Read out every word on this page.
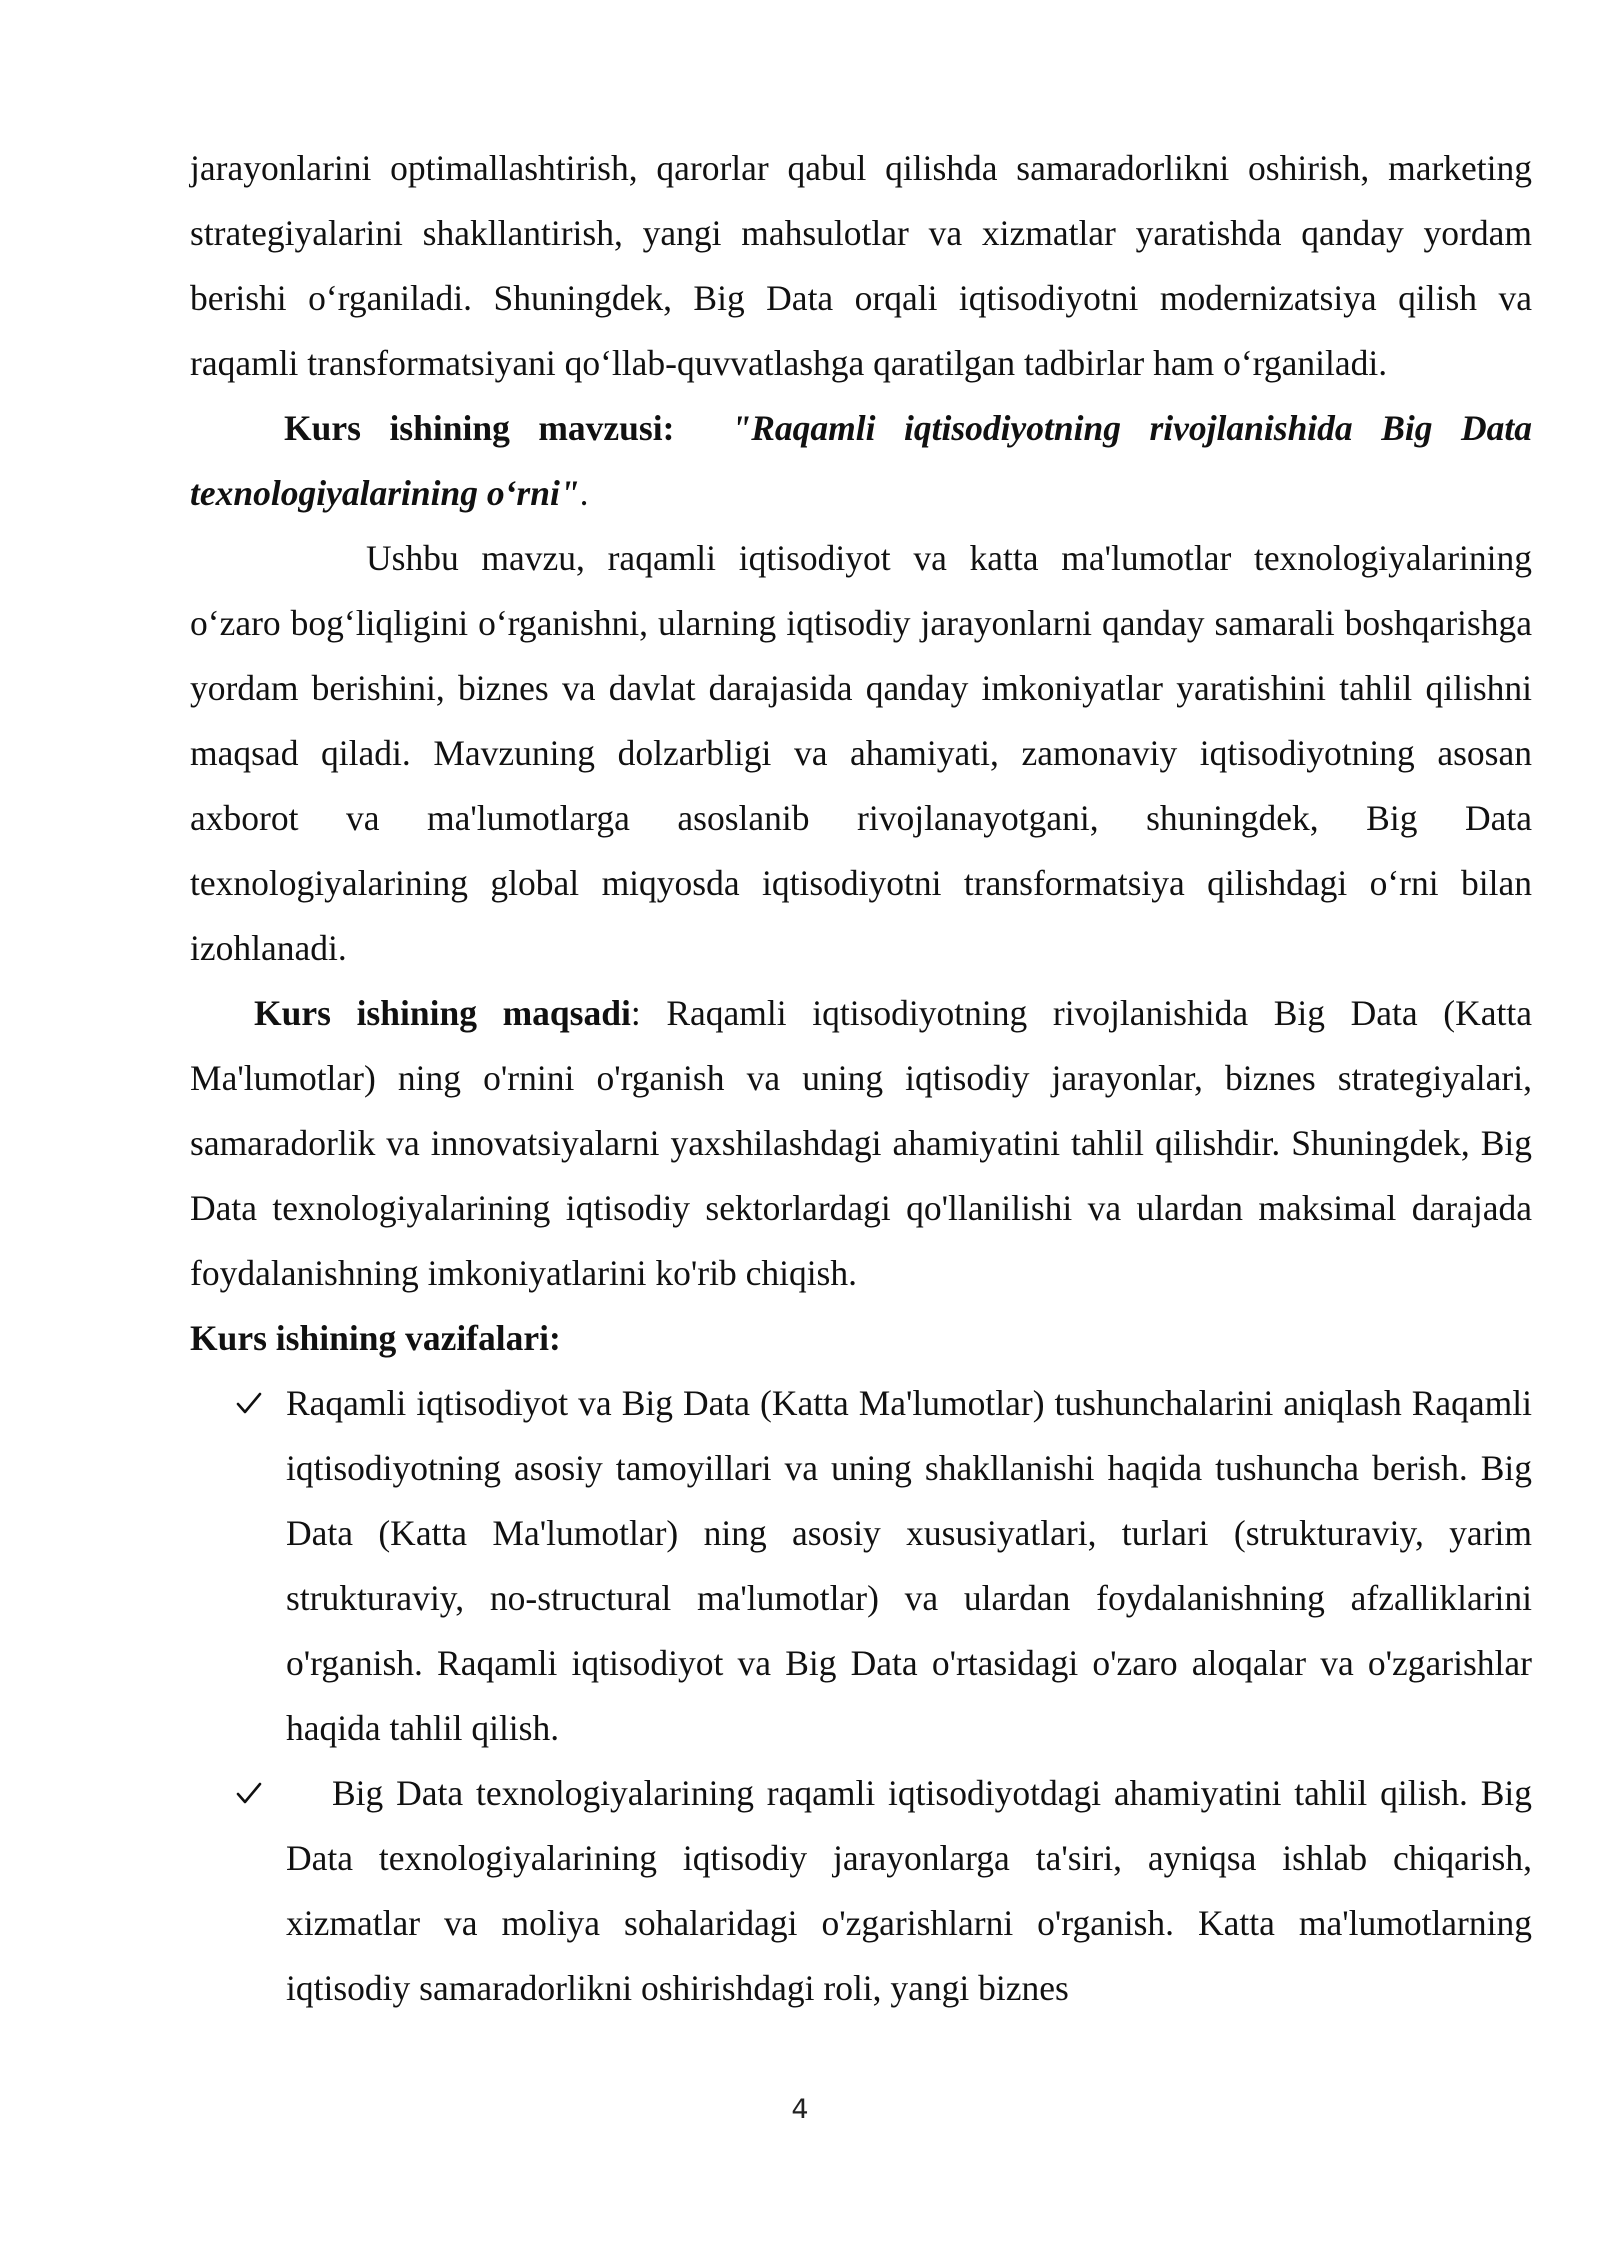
jarayonlarini optimallashtirish, qarorlar qabul qilishda samaradorlikni oshirish, marketing strategiyalarini shakllantirish, yangi mahsulotlar va xizmatlar yaratishda qanday yordam berishi o‘rganiladi. Shuningdek, Big Data orqali iqtisodiyotni modernizatsiya qilish va raqamli transformatsiyani qo‘llab-quvvatlashga qaratilgan tadbirlar ham o‘rganiladi.

Kurs ishining mavzusi: "Raqamli iqtisodiyotning rivojlanishida Big Data texnologiyalarining o‘rni".

Ushbu mavzu, raqamli iqtisodiyot va katta ma'lumotlar texnologiyalarining o‘zaro bog‘liqligini o‘rganishni, ularning iqtisodiy jarayonlarni qanday samarali boshqarishga yordam berishini, biznes va davlat darajasida qanday imkoniyatlar yaratishini tahlil qilishni maqsad qiladi. Mavzuning dolzarbligi va ahamiyati, zamonaviy iqtisodiyotning asosan axborot va ma'lumotlarga asoslanib rivojlanayotgani, shuningdek, Big Data texnologiyalarining global miqyosda iqtisodiyotni transformatsiya qilishdagi o‘rni bilan izohlanadi.

Kurs ishining maqsadi: Raqamli iqtisodiyotning rivojlanishida Big Data (Katta Ma'lumotlar) ning o'rnini o'rganish va uning iqtisodiy jarayonlar, biznes strategiyalari, samaradorlik va innovatsiyalarni yaxshilashdagi ahamiyatini tahlil qilishdir. Shuningdek, Big Data texnologiyalarining iqtisodiy sektorlardagi qo'llanilishi va ulardan maksimal darajada foydalanishning imkoniyatlarini ko'rib chiqish.

Kurs ishining vazifalari:

Raqamli iqtisodiyot va Big Data (Katta Ma'lumotlar) tushunchalarini aniqlash Raqamli iqtisodiyotning asosiy tamoyillari va uning shakllanishi haqida tushuncha berish. Big Data (Katta Ma'lumotlar) ning asosiy xususiyatlari, turlari (strukturaviy, yarim strukturaviy, no-structural ma'lumotlar) va ulardan foydalanishning afzalliklarini o'rganish. Raqamli iqtisodiyot va Big Data o'rtasidagi o'zaro aloqalar va o'zgarishlar haqida tahlil qilish.
Big Data texnologiyalarining raqamli iqtisodiyotdagi ahamiyatini tahlil qilish. Big Data texnologiyalarining iqtisodiy jarayonlarga ta'siri, ayniqsa ishlab chiqarish, xizmatlar va moliya sohalaridagi o'zgarishlarni o'rganish. Katta ma'lumotlarning iqtisodiy samaradorlikni oshirishdagi roli, yangi biznes
4
